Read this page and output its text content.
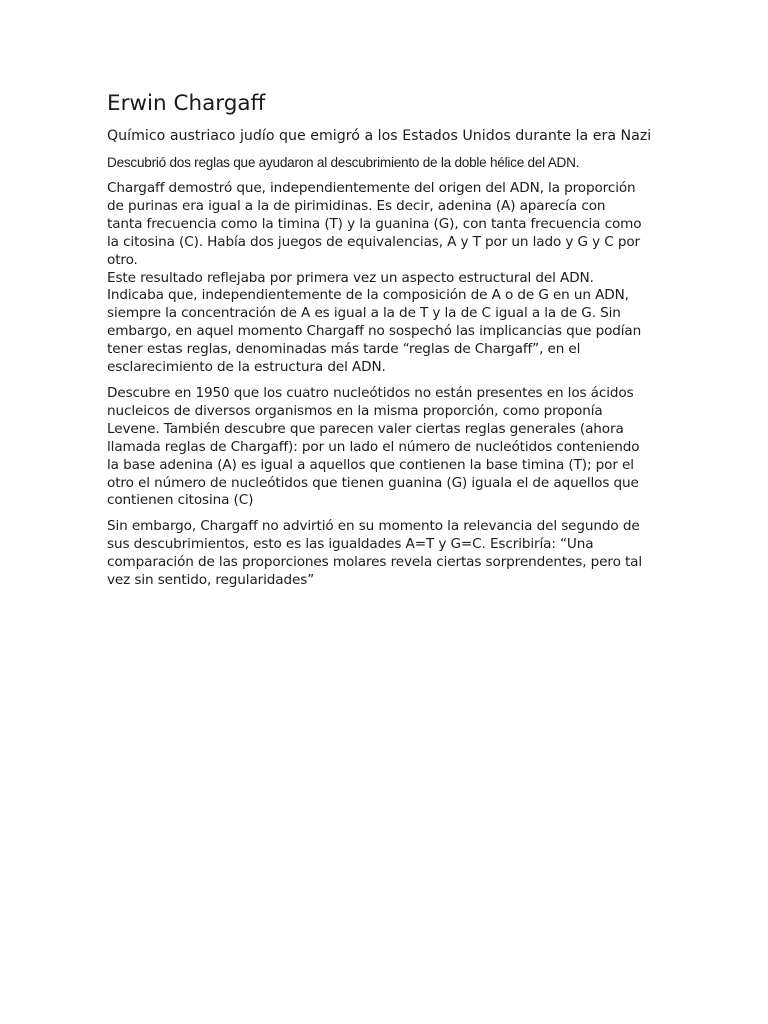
Erwin Chargaff

Químico austriaco judío que emigró a los Estados Unidos durante la era Nazi

Descubrió dos reglas que ayudaron al descubrimiento de la doble hélice del ADN.

Chargaff demostró que, independientemente del origen del ADN, la proporción
de purinas era igual a la de pirimidinas. Es decir, adenina (A) aparecía con
tanta frecuencia como la timina (T) y la guanina (G), con tanta frecuencia como
la citosina (C). Había dos juegos de equivalencias, A y T por un lado y G y C por
otro.
Este resultado reflejaba por primera vez un aspecto estructural del ADN.
Indicaba que, independientemente de la composición de A o de G en un ADN,
siempre la concentración de A es igual a la de T y la de C igual a la de G. Sin
embargo, en aquel momento Chargaff no sospechó las implicancias que podían
tener estas reglas, denominadas más tarde “reglas de Chargaff”, en el
esclarecimiento de la estructura del ADN.

Descubre en 1950 que los cuatro nucleótidos no están presentes en los ácidos
nucleicos de diversos organismos en la misma proporción, como proponía
Levene. También descubre que parecen valer ciertas reglas generales (ahora
llamada reglas de Chargaff): por un lado el número de nucleótidos conteniendo
la base adenina (A) es igual a aquellos que contienen la base timina (T); por el
otro el número de nucleótidos que tienen guanina (G) iguala el de aquellos que
contienen citosina (C)

Sin embargo, Chargaff no advirtió en su momento la relevancia del segundo de
sus descubrimientos, esto es las igualdades A=T y G=C. Escribiría: “Una
comparación de las proporciones molares revela ciertas sorprendentes, pero tal
vez sin sentido, regularidades”
